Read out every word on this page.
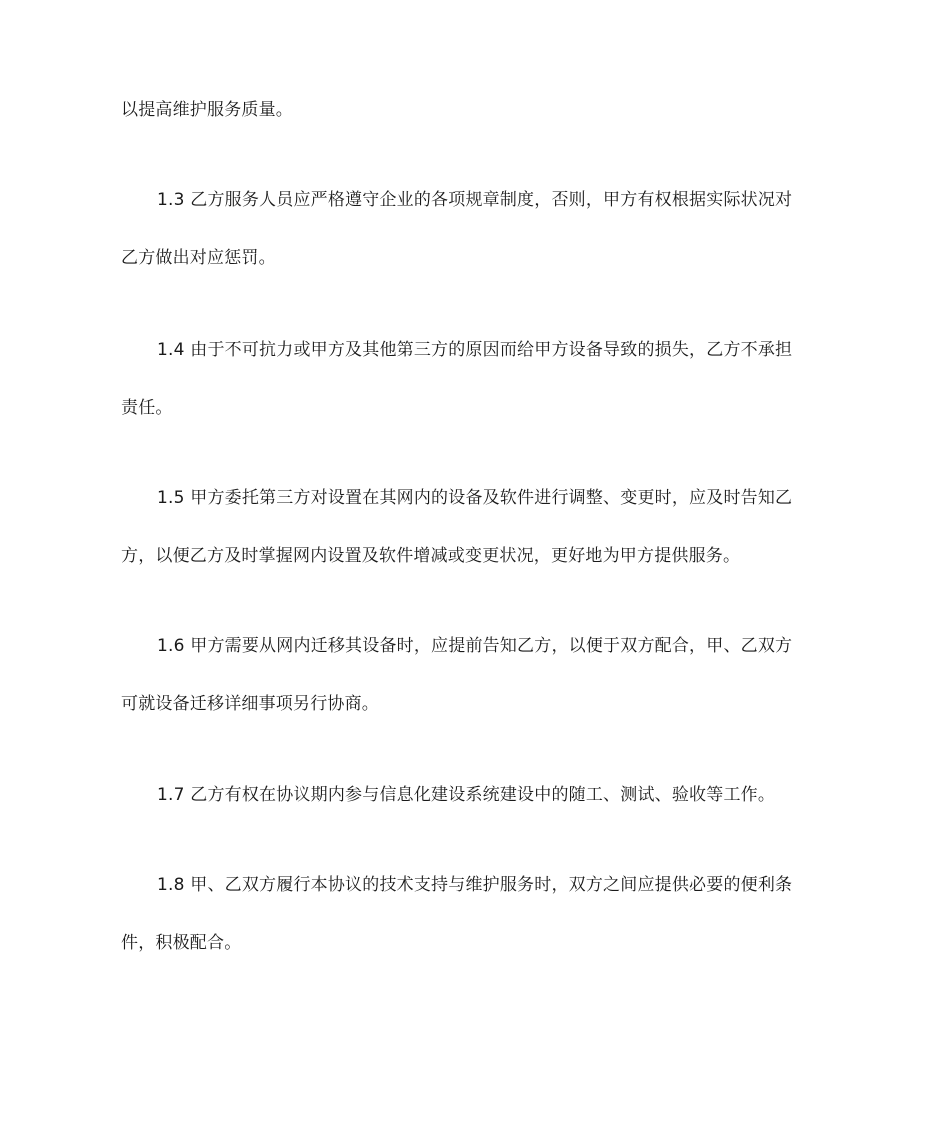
以提高维护服务质量。
1.3 乙方服务人员应严格遵守企业的各项规章制度，否则，甲方有权根据实际状况对
乙方做出对应惩罚。
1.4 由于不可抗力或甲方及其他第三方的原因而给甲方设备导致的损失，乙方不承担
责任。
1.5 甲方委托第三方对设置在其网内的设备及软件进行调整、变更时，应及时告知乙
方，以便乙方及时掌握网内设置及软件增减或变更状况，更好地为甲方提供服务。
1.6 甲方需要从网内迁移其设备时，应提前告知乙方，以便于双方配合，甲、乙双方
可就设备迁移详细事项另行协商。
1.7 乙方有权在协议期内参与信息化建设系统建设中的随工、测试、验收等工作。
1.8 甲、乙双方履行本协议的技术支持与维护服务时，双方之间应提供必要的便利条
件，积极配合。
